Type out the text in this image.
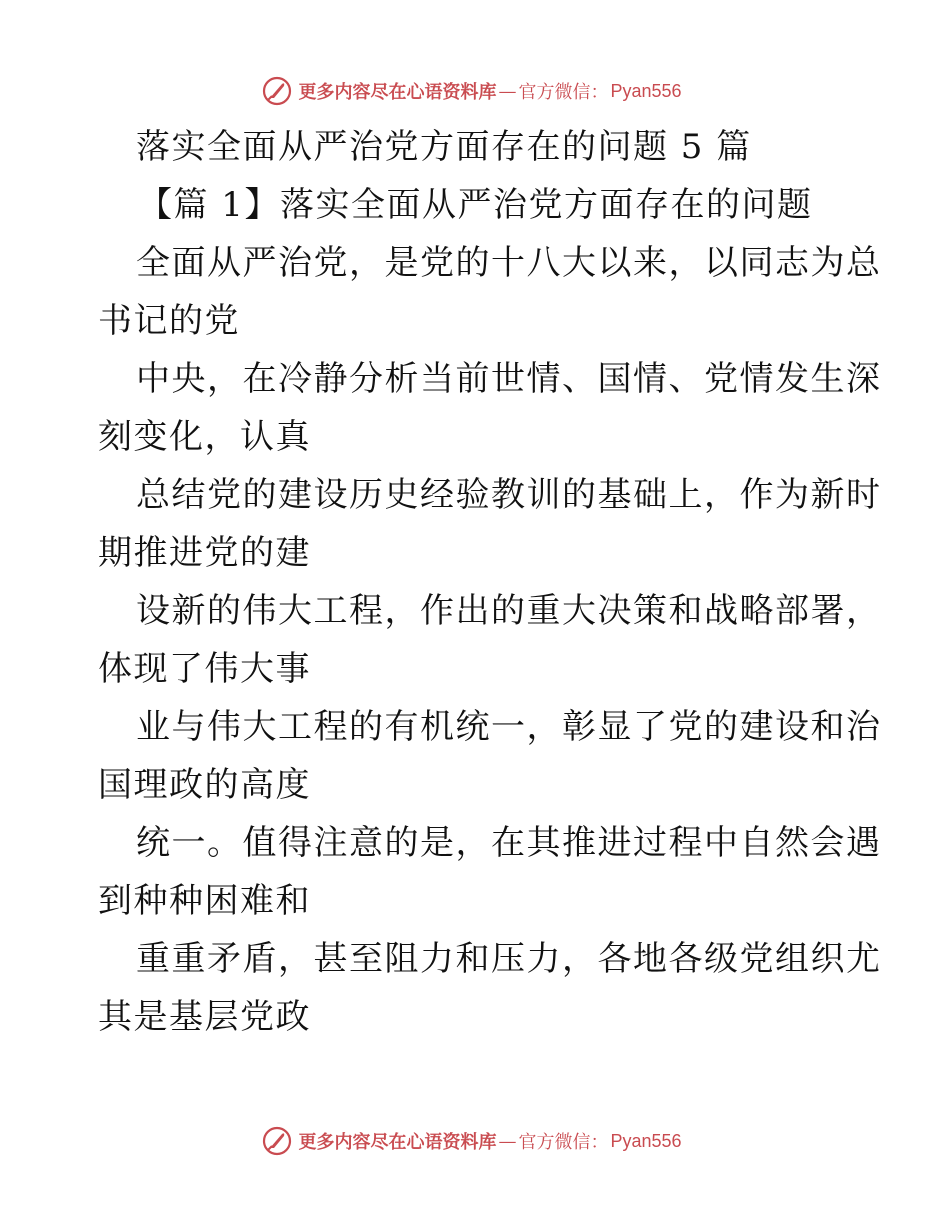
更多内容尽在心语资料库 — 官方微信： Pyan556
落实全面从严治党方面存在的问题 5 篇
【篇 1】落实全面从严治党方面存在的问题
全面从严治党，是党的十八大以来，以同志为总
书记的党
中央，在冷静分析当前世情、国情、党情发生深
刻变化，认真
总结党的建设历史经验教训的基础上，作为新时
期推进党的建
设新的伟大工程，作出的重大决策和战略部署，
体现了伟大事
业与伟大工程的有机统一，彰显了党的建设和治
国理政的高度
统一。值得注意的是，在其推进过程中自然会遇
到种种困难和
重重矛盾，甚至阻力和压力，各地各级党组织尤
其是基层党政
更多内容尽在心语资料库 — 官方微信： Pyan556
